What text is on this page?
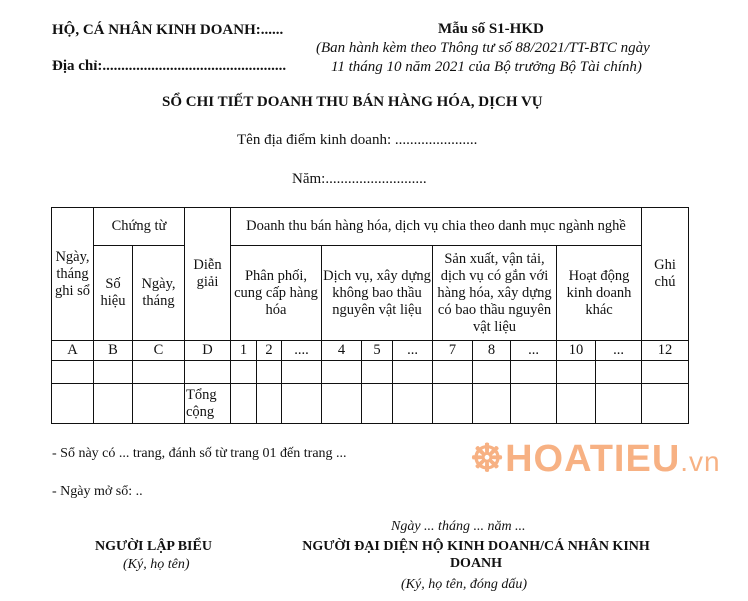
HỘ, CÁ NHÂN KINH DOANH:......
Địa chỉ:.................................................
Mẫu số S1-HKD
(Ban hành kèm theo Thông tư số 88/2021/TT-BTC ngày
11 tháng 10 năm 2021 của Bộ trưởng Bộ Tài chính)
SỔ CHI TIẾT DOANH THU BÁN HÀNG HÓA, DỊCH VỤ
Tên địa điểm kinh doanh: ......................
Năm:...........................
Ngày, tháng ghi sổ	Chứng từ		Diễn giải	Doanh thu bán hàng hóa, dịch vụ chia theo danh mục ngành nghề											Ghi chú
	Số hiệu	Ngày, tháng		Phân phối, cung cấp hàng hóa			Dịch vụ, xây dựng không bao thầu nguyên vật liệu			Sản xuất, vận tải, dịch vụ có gắn với hàng hóa, xây dựng có bao thầu nguyên vật liệu			Hoạt động kinh doanh khác		
A	B	C	D	1	2	....	4	5	...	7	8	...	10	...	12

			Tổng cộng												
- Sổ này có ... trang, đánh số từ trang 01 đến trang ...
- Ngày mở sổ: ..
☸HOATIEU.vn
Ngày ... tháng ... năm ...
NGƯỜI LẬP BIỂU
(Ký, họ tên)
NGƯỜI ĐẠI DIỆN HỘ KINH DOANH/CÁ NHÂN KINH DOANH
(Ký, họ tên, đóng dấu)
